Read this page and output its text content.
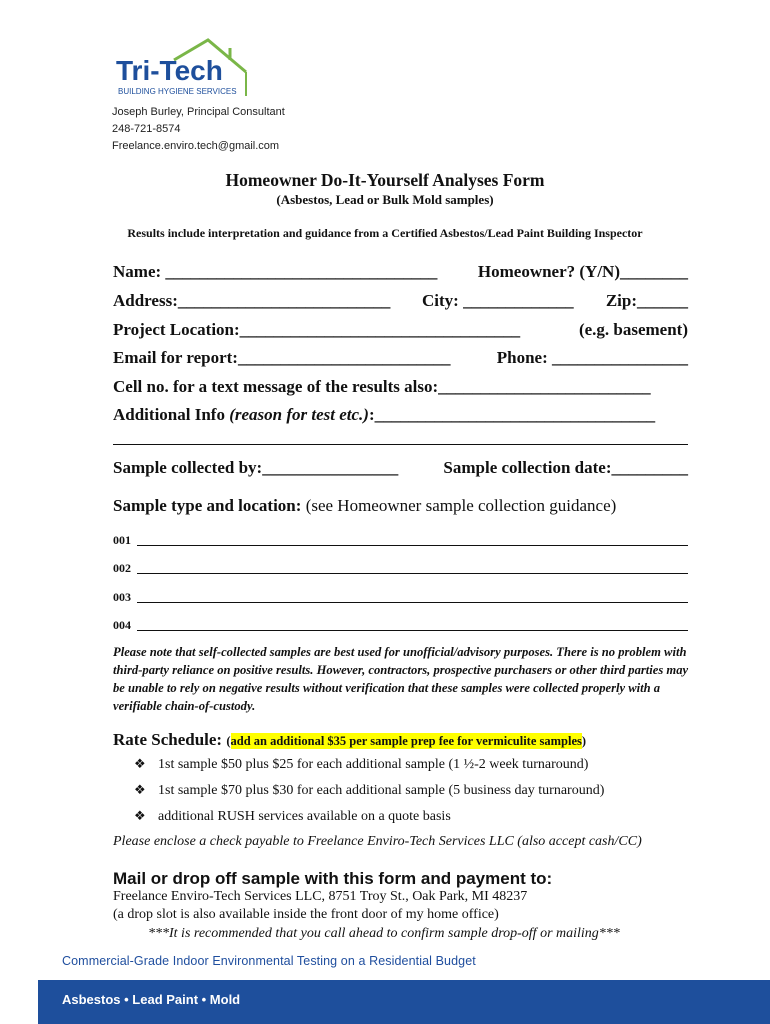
Tri-Tech
BUILDING HYGIENE SERVICES
Joseph Burley, Principal Consultant
248-721-8574
Freelance.enviro.tech@gmail.com
Homeowner Do-It-Yourself Analyses Form
(Asbestos, Lead or Bulk Mold samples)
Results include interpretation and guidance from a Certified Asbestos/Lead Paint Building Inspector
Name: ________________________________ Homeowner? (Y/N)________
Address:_________________________ City: _____________ Zip:______
Project Location:_________________________________	(e.g. basement)
Email for report:_________________________	Phone: ________________
Cell no. for a text message of the results also:_________________________
Additional Info (reason for test etc.):_________________________________
Sample collected by:________________	Sample collection date:_________
Sample type and location: (see Homeowner sample collection guidance)
001
002
003
004
Please note that self-collected samples are best used for unofficial/advisory purposes. There is no problem with third-party reliance on positive results. However, contractors, prospective purchasers or other third parties may be unable to rely on negative results without verification that these samples were collected properly with a verifiable chain-of-custody.
Rate Schedule: (add an additional $35 per sample prep fee for vermiculite samples)
❖ 1st sample $50 plus $25 for each additional sample (1 ½-2 week turnaround)
❖ 1st sample $70 plus $30 for each additional sample (5 business day turnaround)
❖ additional RUSH services available on a quote basis
Please enclose a check payable to Freelance Enviro-Tech Services LLC (also accept cash/CC)
Mail or drop off sample with this form and payment to:
Freelance Enviro-Tech Services LLC, 8751 Troy St., Oak Park, MI 48237
(a drop slot is also available inside the front door of my home office)
***It is recommended that you call ahead to confirm sample drop-off or mailing***
Commercial-Grade Indoor Environmental Testing on a Residential Budget
Asbestos • Lead Paint • Mold
